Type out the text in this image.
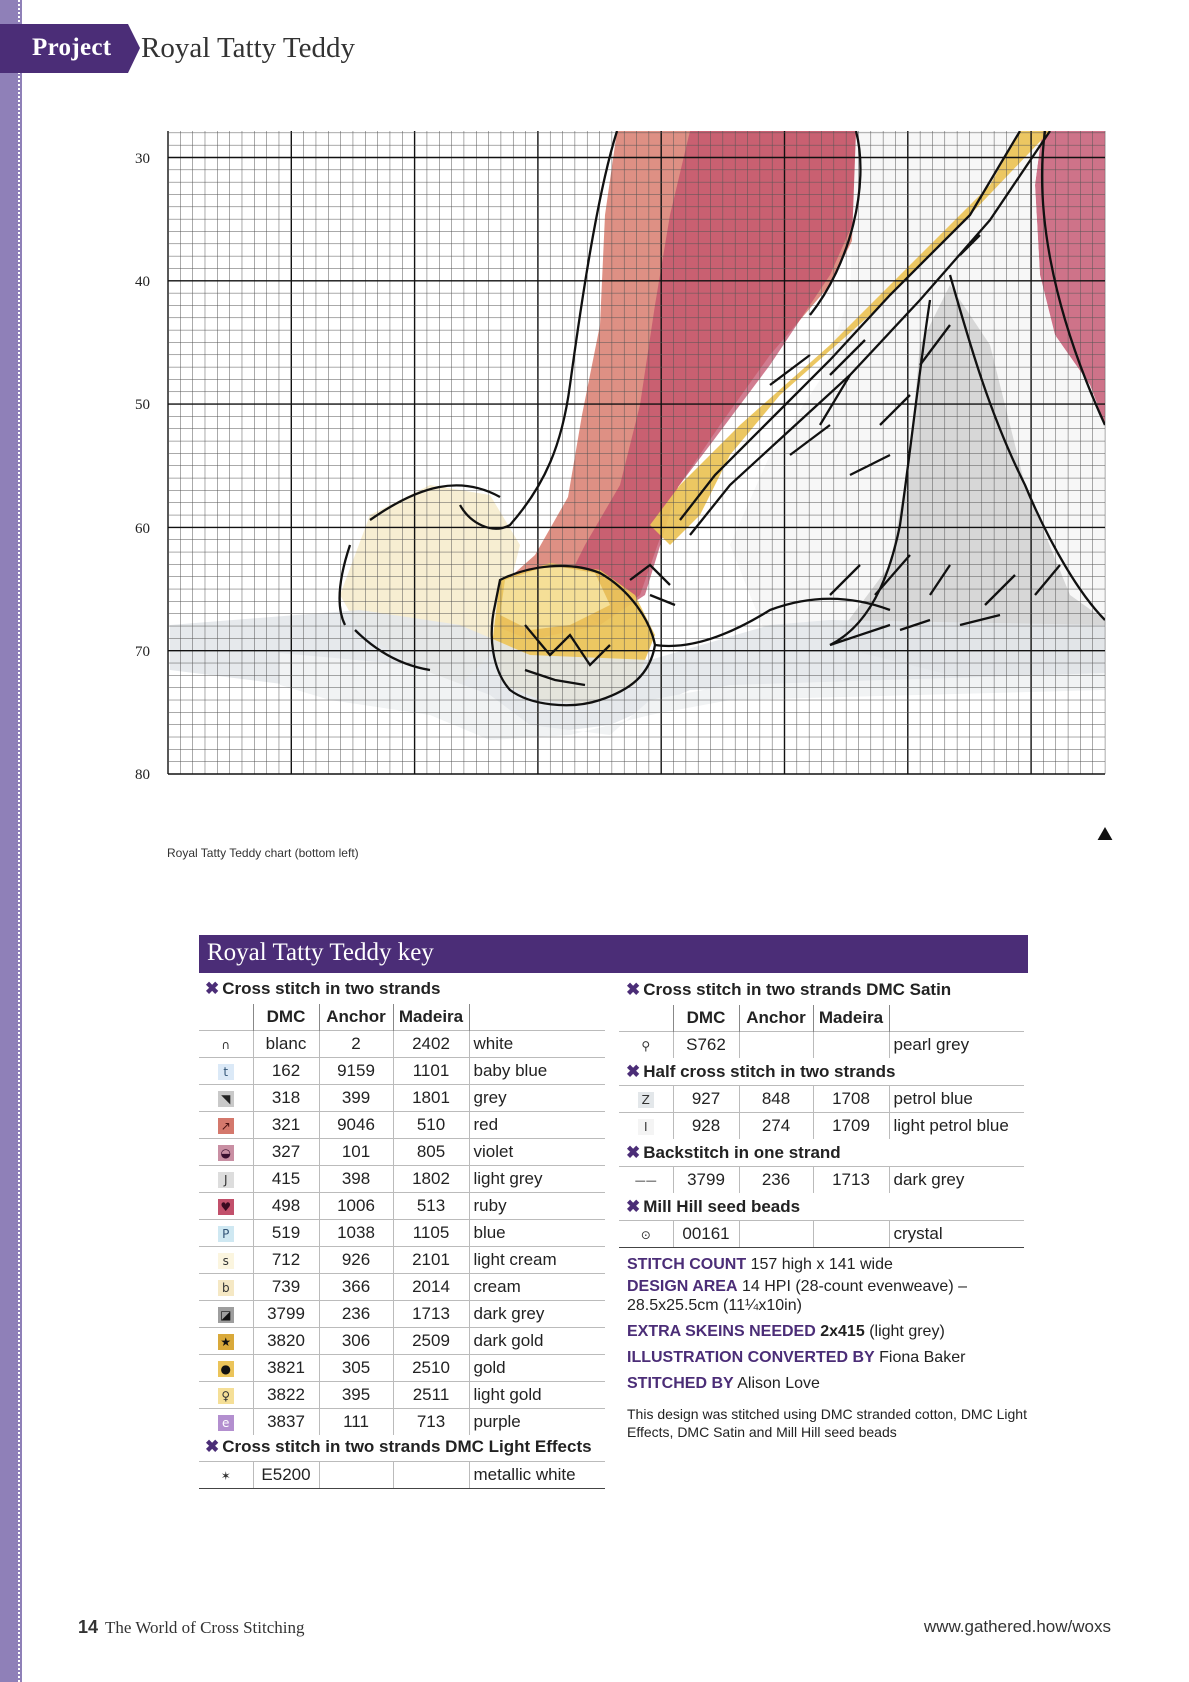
Project Royal Tatty Teddy
30
40
50
60
70
80
Royal Tatty Teddy chart (bottom left)
Royal Tatty Teddy key
✖ Cross stitch in two strands
	DMC	Anchor	Madeira	
∩	blanc	2	2402	white
t	162	9159	1101	baby blue
◥	318	399	1801	grey
↗	321	9046	510	red
◒	327	101	805	violet
J	415	398	1802	light grey
♥	498	1006	513	ruby
P	519	1038	1105	blue
s	712	926	2101	light cream
b	739	366	2014	cream
◪	3799	236	1713	dark grey
★	3820	306	2509	dark gold
●	3821	305	2510	gold
♀	3822	395	2511	light gold
e	3837	111	713	purple
✖ Cross stitch in two strands DMC Light Effects
✶	E5200			metallic white
✖ Cross stitch in two strands DMC Satin
	DMC	Anchor	Madeira	
⚲	S762			pearl grey
✖ Half cross stitch in two strands
Z	927	848	1708	petrol blue
I	928	274	1709	light petrol blue
✖ Backstitch in one strand
——	3799	236	1713	dark grey
✖ Mill Hill seed beads
⊙	00161			crystal
STITCH COUNT 157 high x 141 wide
DESIGN AREA 14 HPI (28-count evenweave) –
28.5x25.5cm (11¼x10in)
EXTRA SKEINS NEEDED 2x415 (light grey)
ILLUSTRATION CONVERTED BY Fiona Baker
STITCHED BY Alison Love
This design was stitched using DMC stranded cotton, DMC Light Effects, DMC Satin and Mill Hill seed beads
14 The World of Cross Stitching	www.gathered.how/woxs
